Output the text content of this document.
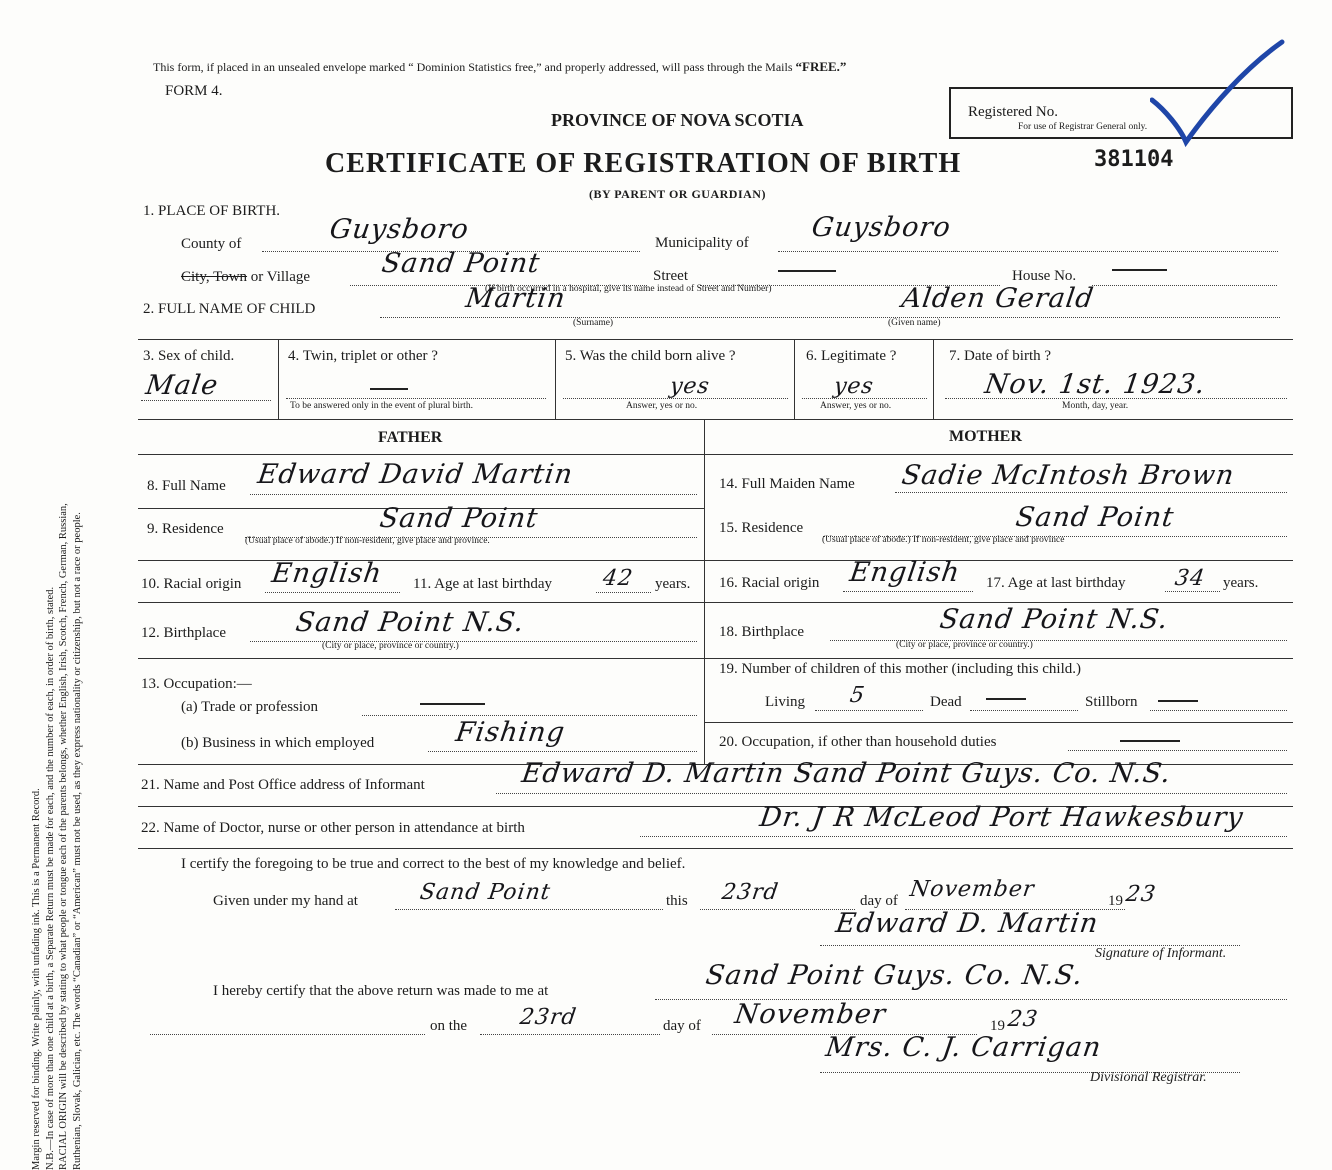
Margin reserved for binding. Write plainly, with unfading ink. This is a Permanent Record. N.B.—In case of more than one child at a birth, a Separate Return must be made for each, and the number of each, in order of birth, stated. RACIAL ORIGIN will be described by stating to what people or tongue each of the parents belongs, whether English, Irish, Scotch, French, German, Russian, Ruthenian, Slovak, Galician, etc. The words “Canadian” or “American” must not be used, as they express nationality or citizenship, but not a race or people.
This form, if placed in an unsealed envelope marked “ Dominion Statistics free,” and properly addressed, will pass through the Mails “FREE.”
FORM 4.
PROVINCE OF NOVA SCOTIA
CERTIFICATE OF REGISTRATION OF BIRTH
(BY PARENT OR GUARDIAN)
Registered No.
For use of Registrar General only.
381104
1. PLACE OF BIRTH.
County of	Guysboro	Municipality of Guysboro
City, Town or Village	Sand Point	Street	House No.
(If birth occurred in a hospital, give its name instead of Street and Number)
2. FULL NAME OF CHILD	Martin	Alden Gerald
(Surname)	(Given name)
3. Sex of child.
Male
4. Twin, triplet or other ?
To be answered only in the event of plural birth.
5. Was the child born alive ?
yes
Answer, yes or no.
6. Legitimate ?
yes
Answer, yes or no.
7. Date of birth ?
Nov. 1st. 1923.
Month, day, year.
FATHER	MOTHER
8. Full Name Edward David Martin
9. Residence	Sand Point
(Usual place of abode.) If non-resident, give place and province.
10. Racial origin English 11. Age at last birthday 42 years.
12. Birthplace	Sand Point N.S.
(City or place, province or country.)
13. Occupation:—
(a) Trade or profession
(b) Business in which employed	Fishing
14. Full Maiden Name Sadie McIntosh Brown
15. Residence	Sand Point
(Usual place of abode.) If non-resident, give place and province
16. Racial origin English 17. Age at last birthday 34 years.
18. Birthplace	Sand Point N.S.
(City or place, province or country.)
19. Number of children of this mother (including this child.)
Living 5	Dead	Stillborn
20. Occupation, if other than household duties
21. Name and Post Office address of Informant	Edward D. Martin Sand Point Guys. Co. N.S.
22. Name of Doctor, nurse or other person in attendance at birth	Dr. J R McLeod Port Hawkesbury
I certify the foregoing to be true and correct to the best of my knowledge and belief.
Given under my hand at	Sand Point	this 23rd	day of November	19 23
Edward D. Martin
Signature of Informant.
I hereby certify that the above return was made to me at	Sand Point Guys. Co. N.S.
on the 23rd	day of November	19 23
Mrs. C. J. Carrigan
Divisional Registrar.
